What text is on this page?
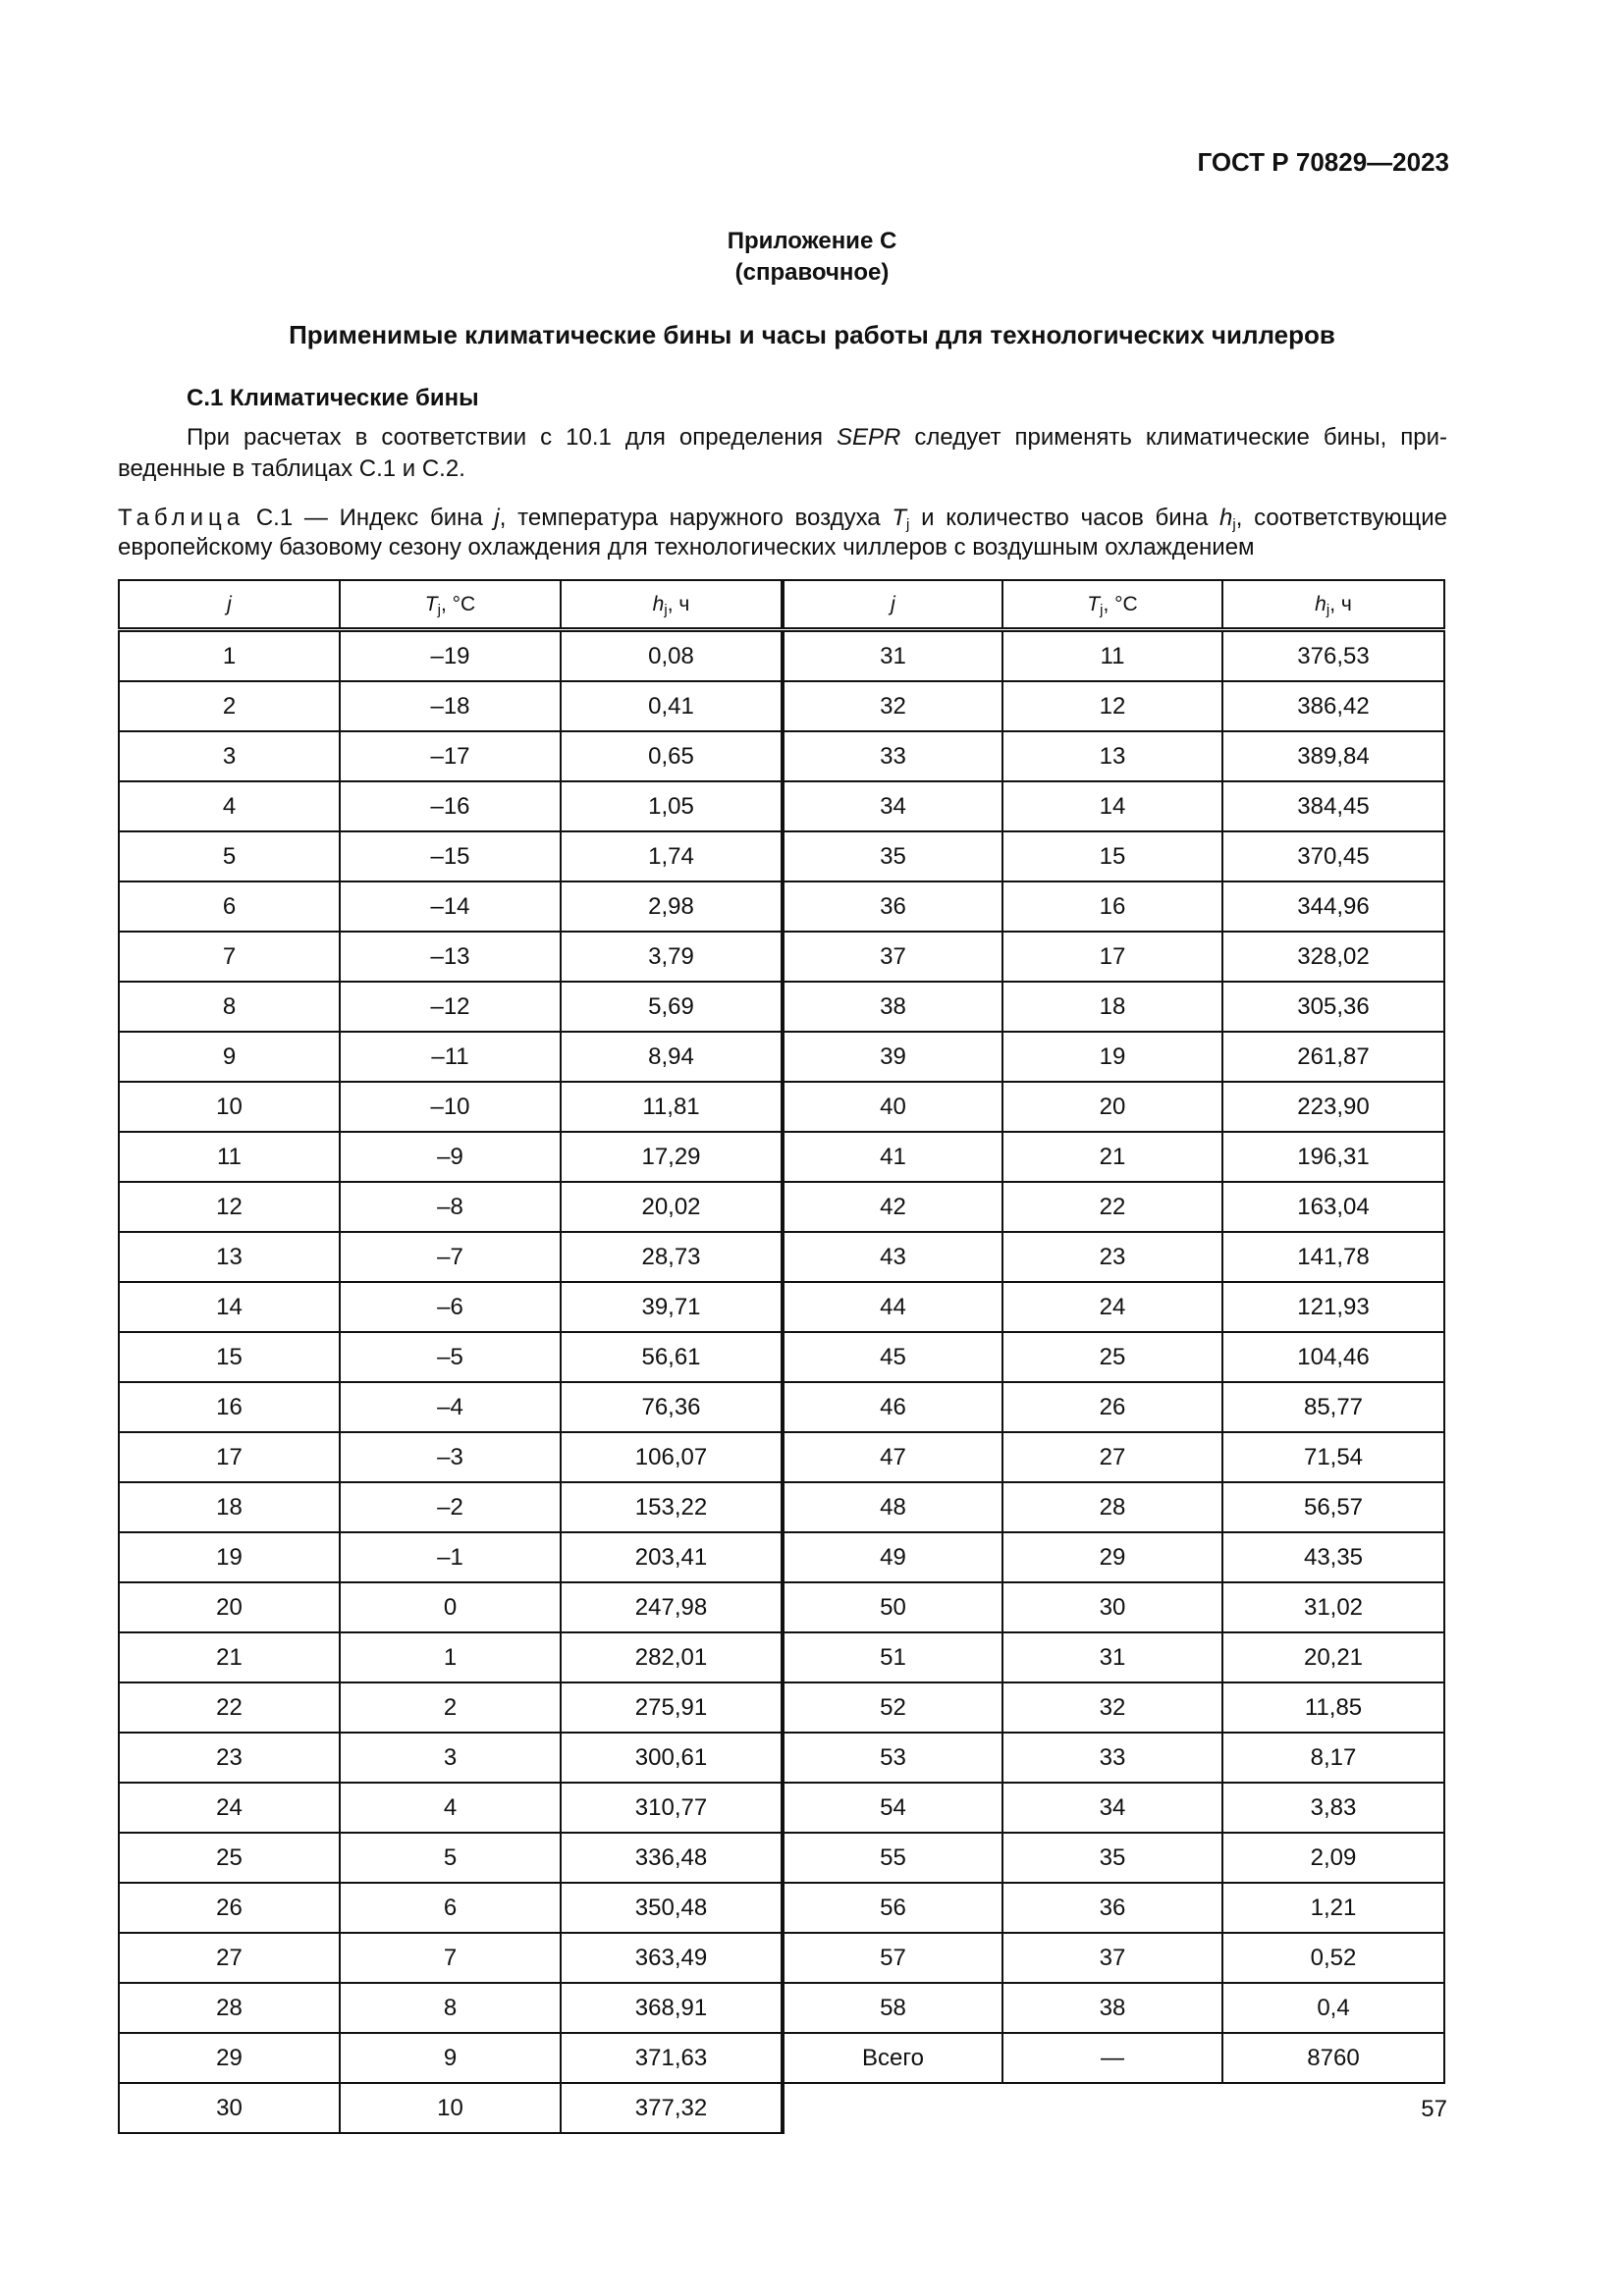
ГОСТ Р 70829—2023
Приложение С
(справочное)
Применимые климатические бины и часы работы для технологических чиллеров
С.1 Климатические бины
При расчетах в соответствии с 10.1 для определения SEPR следует применять климатические бины, при-
веденные в таблицах С.1 и С.2.
Таблица С.1 — Индекс бина j, температура наружного воздуха $T_j$ и количество часов бина $h_j$, соответствующие
европейскому базовому сезону охлаждения для технологических чиллеров с воздушным охлаждением
j	$T_j$, °C	$h_j$, ч	j	$T_j$, °C	$h_j$, ч
1	–19	0,08	31	11	376,53
2	–18	0,41	32	12	386,42
3	–17	0,65	33	13	389,84
4	–16	1,05	34	14	384,45
5	–15	1,74	35	15	370,45
6	–14	2,98	36	16	344,96
7	–13	3,79	37	17	328,02
8	–12	5,69	38	18	305,36
9	–11	8,94	39	19	261,87
10	–10	11,81	40	20	223,90
11	–9	17,29	41	21	196,31
12	–8	20,02	42	22	163,04
13	–7	28,73	43	23	141,78
14	–6	39,71	44	24	121,93
15	–5	56,61	45	25	104,46
16	–4	76,36	46	26	85,77
17	–3	106,07	47	27	71,54
18	–2	153,22	48	28	56,57
19	–1	203,41	49	29	43,35
20	0	247,98	50	30	31,02
21	1	282,01	51	31	20,21
22	2	275,91	52	32	11,85
23	3	300,61	53	33	8,17
24	4	310,77	54	34	3,83
25	5	336,48	55	35	2,09
26	6	350,48	56	36	1,21
27	7	363,49	57	37	0,52
28	8	368,91	58	38	0,4
29	9	371,63	Всего	—	8760
30	10	377,32				57
